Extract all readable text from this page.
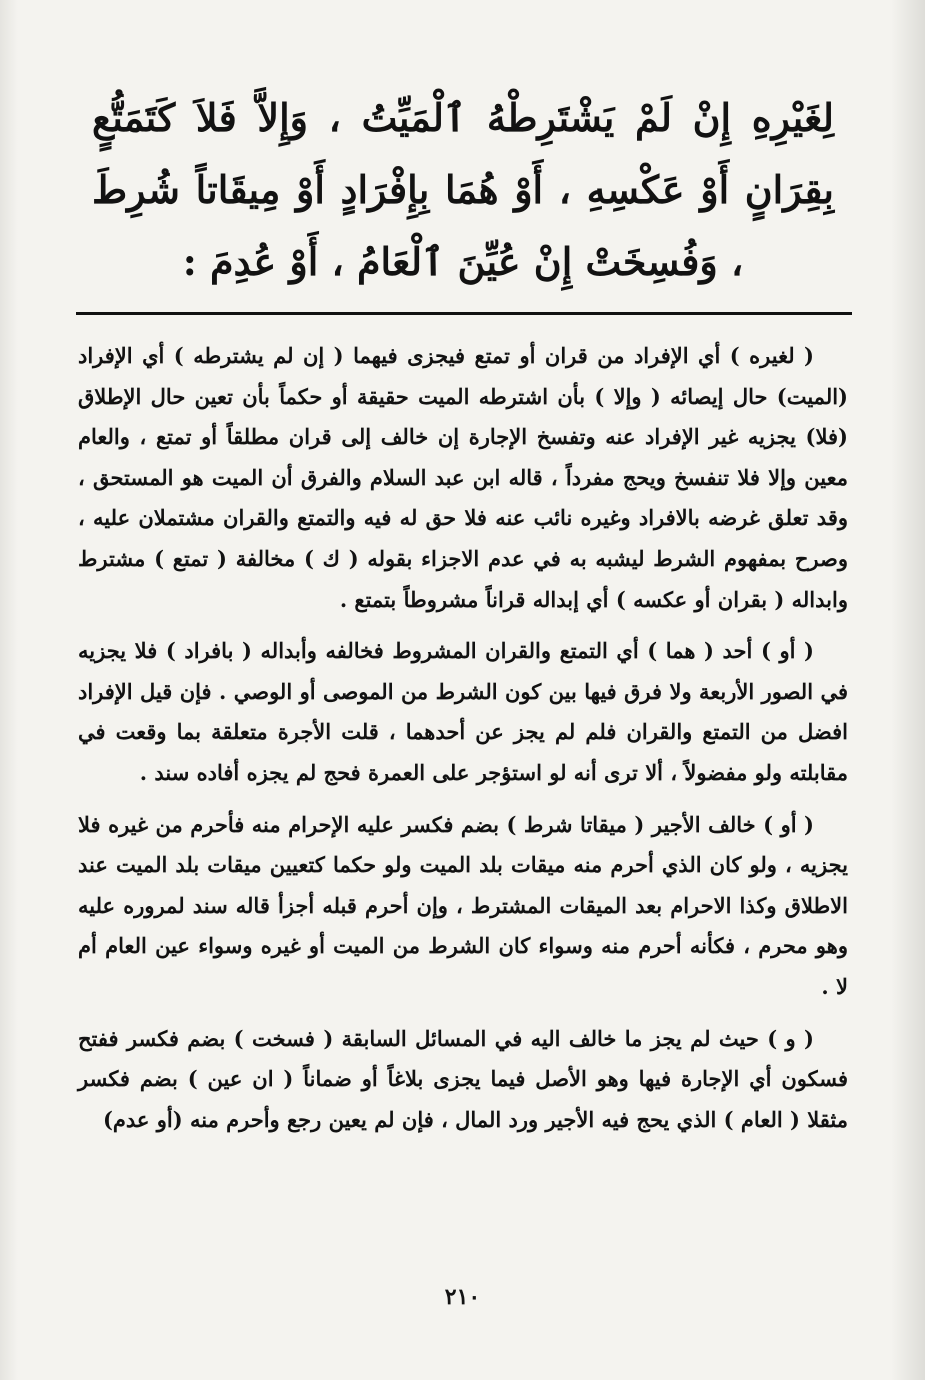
لِغَيْرِهِ إِنْ لَمْ يَشْتَرِطْهُ ٱلْمَيِّتُ ، وَإِلاَّ فَلاَ كَتَمَتُّعٍ بِقِرَانٍ أَوْ عَكْسِهِ ، أَوْ هُمَا بِإِفْرَادٍ أَوْ مِيقَاتاً شُرِطَ ، وَفُسِخَتْ إِنْ عُيِّنَ ٱلْعَامُ ، أَوْ عُدِمَ :

( لغيره ) أي الإفراد من قران أو تمتع فيجزى فيهما ( إن لم يشترطه ) أي الإفراد (الميت) حال إيصائه ( وإلا ) بأن اشترطه الميت حقيقة أو حكماً بأن تعين حال الإطلاق (فلا) يجزيه غير الإفراد عنه وتفسخ الإجارة إن خالف إلى قران مطلقاً أو تمتع ، والعام معين وإلا فلا تنفسخ ويحج مفرداً ، قاله ابن عبد السلام والفرق أن الميت هو المستحق ، وقد تعلق غرضه بالافراد وغيره نائب عنه فلا حق له فيه والتمتع والقران مشتملان عليه ، وصرح بمفهوم الشرط ليشبه به في عدم الاجزاء بقوله ( ك ) مخالفة ( تمتع ) مشترط وابداله ( بقران أو عكسه ) أي إبداله قراناً مشروطاً بتمتع .

( أو ) أحد ( هما ) أي التمتع والقران المشروط فخالفه وأبداله ( بافراد ) فلا يجزيه في الصور الأربعة ولا فرق فيها بين كون الشرط من الموصى أو الوصي . فإن قيل الإفراد افضل من التمتع والقران فلم لم يجز عن أحدهما ، قلت الأجرة متعلقة بما وقعت في مقابلته ولو مفضولاً ، ألا ترى أنه لو استؤجر على العمرة فحج لم يجزه أفاده سند .

( أو ) خالف الأجير ( ميقاتا شرط ) بضم فكسر عليه الإحرام منه فأحرم من غيره فلا يجزيه ، ولو كان الذي أحرم منه ميقات بلد الميت ولو حكما كتعيين ميقات بلد الميت عند الاطلاق وكذا الاحرام بعد الميقات المشترط ، وإن أحرم قبله أجزأ قاله سند لمروره عليه وهو محرم ، فكأنه أحرم منه وسواء كان الشرط من الميت أو غيره وسواء عين العام أم لا .

( و ) حيث لم يجز ما خالف اليه في المسائل السابقة ( فسخت ) بضم فكسر ففتح فسكون أي الإجارة فيها وهو الأصل فيما يجزى بلاغاً أو ضماناً ( ان عين ) بضم فكسر مثقلا ( العام ) الذي يحج فيه الأجير ورد المال ، فإن لم يعين رجع وأحرم منه (أو عدم)

٢١٠
